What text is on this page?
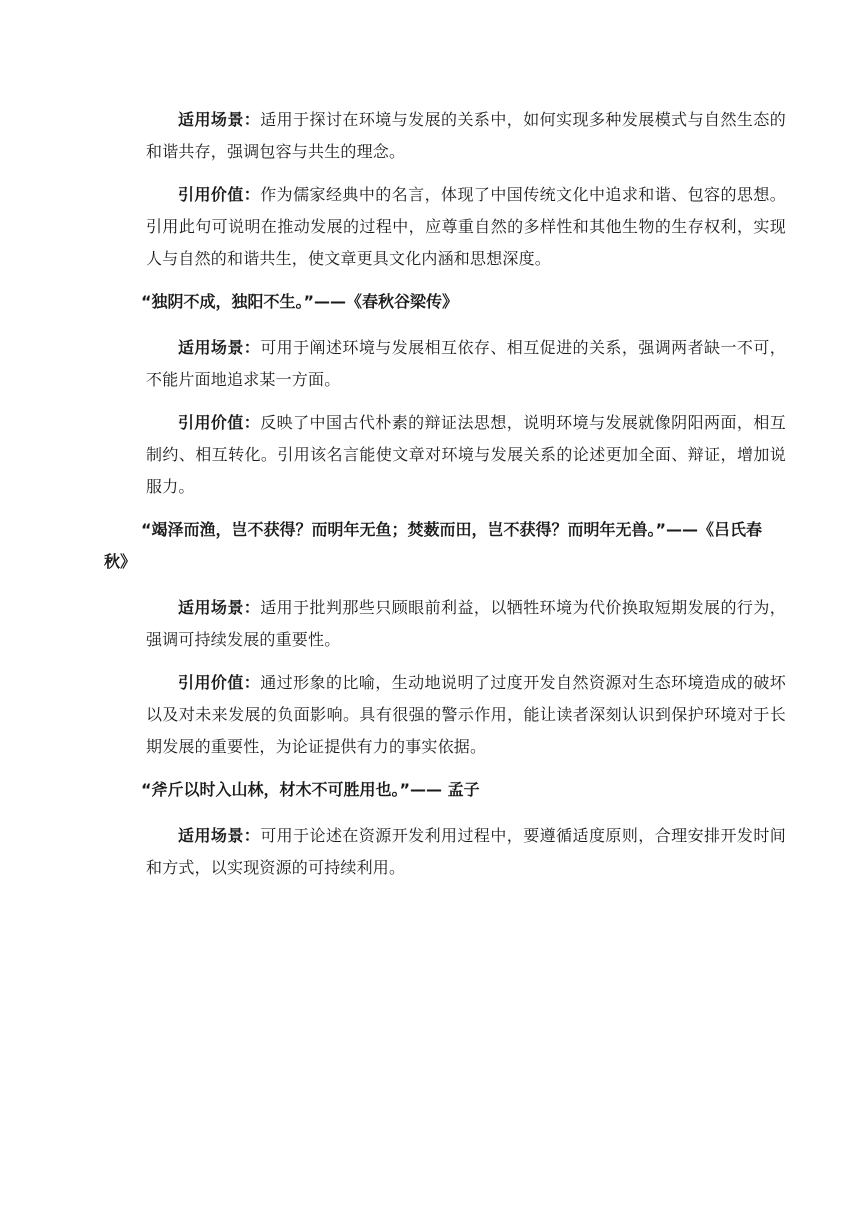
适用场景：适用于探讨在环境与发展的关系中，如何实现多种发展模式与自然生态的和谐共存，强调包容与共生的理念。

引用价值：作为儒家经典中的名言，体现了中国传统文化中追求和谐、包容的思想。引用此句可说明在推动发展的过程中，应尊重自然的多样性和其他生物的生存权利，实现人与自然的和谐共生，使文章更具文化内涵和思想深度。

“独阴不成，独阳不生。”——《春秋谷梁传》

适用场景：可用于阐述环境与发展相互依存、相互促进的关系，强调两者缺一不可，不能片面地追求某一方面。

引用价值：反映了中国古代朴素的辩证法思想，说明环境与发展就像阴阳两面，相互制约、相互转化。引用该名言能使文章对环境与发展关系的论述更加全面、辩证，增加说服力。

“竭泽而渔，岂不获得？而明年无鱼；焚薮而田，岂不获得？而明年无兽。”——《吕氏春秋》

适用场景：适用于批判那些只顾眼前利益，以牺牲环境为代价换取短期发展的行为，强调可持续发展的重要性。

引用价值：通过形象的比喻，生动地说明了过度开发自然资源对生态环境造成的破坏以及对未来发展的负面影响。具有很强的警示作用，能让读者深刻认识到保护环境对于长期发展的重要性，为论证提供有力的事实依据。

“斧斤以时入山林，材木不可胜用也。”—— 孟子

适用场景：可用于论述在资源开发利用过程中，要遵循适度原则，合理安排开发时间和方式，以实现资源的可持续利用。
